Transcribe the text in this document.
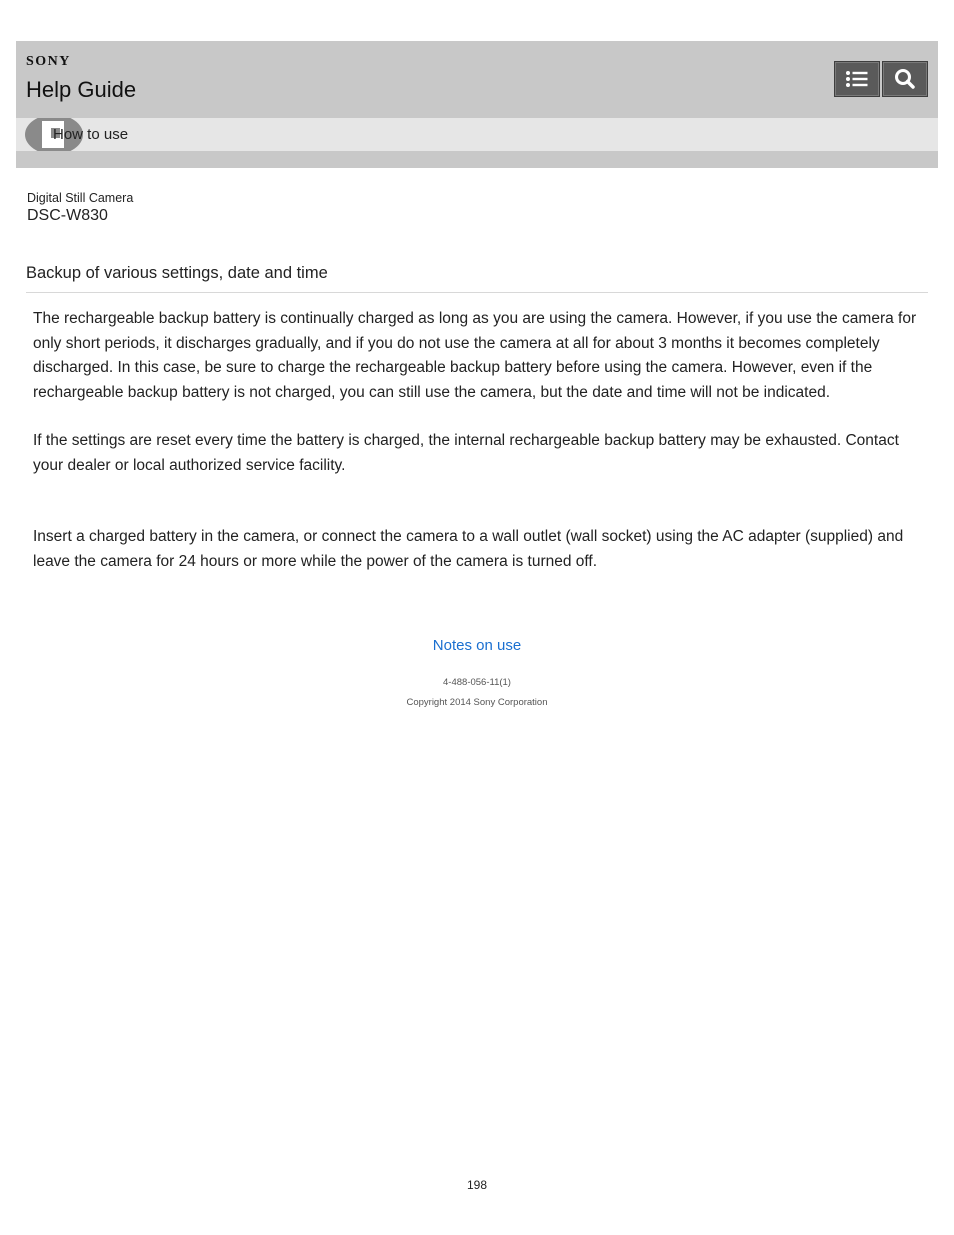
SONY
Help Guide
How to use
Digital Still Camera
DSC-W830
Backup of various settings, date and time

The rechargeable backup battery is continually charged as long as you are using the camera. However, if you use the camera for only short periods, it discharges gradually, and if you do not use the camera at all for about 3 months it becomes completely discharged. In this case, be sure to charge the rechargeable backup battery before using the camera. However, even if the rechargeable backup battery is not charged, you can still use the camera, but the date and time will not be indicated.

If the settings are reset every time the battery is charged, the internal rechargeable backup battery may be exhausted. Contact your dealer or local authorized service facility.

Insert a charged battery in the camera, or connect the camera to a wall outlet (wall socket) using the AC adapter (supplied) and leave the camera for 24 hours or more while the power of the camera is turned off.

Notes on use
4-488-056-11(1)
Copyright 2014 Sony Corporation
198
